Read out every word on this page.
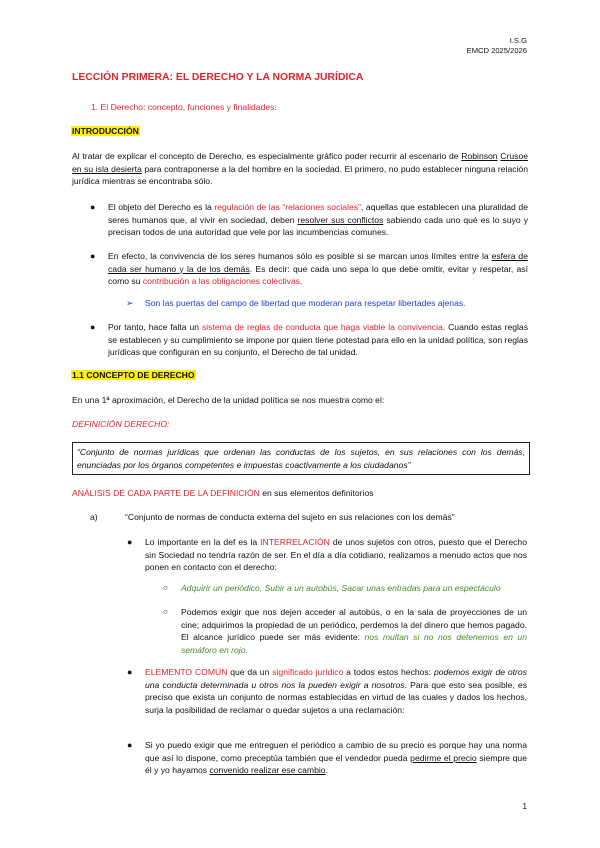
I.S.G
EMCD 2025/2026
LECCIÓN PRIMERA: EL DERECHO Y LA NORMA JURÍDICA
1. El Derecho: concepto, funciones y finalidades:
INTRODUCCIÓN
Al tratar de explicar el concepto de Derecho, es especialmente gráfico poder recurrir al escenario de Robinson Crusoe en su isla desierta para contraponerse a la del hombre en la sociedad. El primero, no pudo establecer ninguna relación jurídica mientras se encontraba sólo.
● El objeto del Derecho es la regulación de las “relaciones sociales”, aquellas que establecen una pluralidad de seres humanos que, al vivir en sociedad, deben resolver sus conflictos sabiendo cada uno qué es lo suyo y precisan todos de una autoridad que vele por las incumbencias comunes.
● En efecto, la convivencia de los seres humanos sólo es posible si se marcan unos límites entre la esfera de cada ser humano y la de los demás. Es decir: que cada uno sepa lo que debe omitir, evitar y respetar, así como su contribución a las obligaciones colectivas.
➢ Son las puertas del campo de libertad que moderan para respetar libertades ajenas.
● Por tanto, hace falta un sistema de reglas de conducta que haga viable la convivencia. Cuando estas reglas se establecen y su cumplimiento se impone por quien tiene potestad para ello en la unidad política, son reglas jurídicas que configuran en su conjunto, el Derecho de tal unidad.
1.1 CONCEPTO DE DERECHO
En una 1ª aproximación, el Derecho de la unidad política se nos muestra como el:
DEFINICIÓN DERECHO:
“Conjunto de normas jurídicas que ordenan las conductas de los sujetos, en sus relaciones con los demás, enunciadas por los órganos competentes e impuestas coactivamente a los ciudadanos”
ANÁLISIS DE CADA PARTE DE LA DEFINICIÓN en sus elementos definitorios
a)	“Conjunto de normas de conducta externa del sujeto en sus relaciones con los demás”
● Lo importante en la def es la INTERRELACIÓN de unos sujetos con otros, puesto que el Derecho sin Sociedad no tendría razón de ser. En el día a día cotidiano, realizamos a menudo actos que nos ponen en contacto con el derecho:
○ Adquirir un periódico, Subir a un autobús, Sacar unas entradas para un espectáculo
○ Podemos exigir que nos dejen acceder al autobús, o en la sala de proyecciones de un cine; adquirimos la propiedad de un periódico, perdemos la del dinero que hemos pagado. El alcance jurídico puede ser más evidente: nos multan si no nos detenemos en un semáforo en rojo.
● ELEMENTO COMÚN que da un significado jurídico a todos estos hechos: podemos exigir de otros una conducta determinada u otros nos la pueden exigir a nosotros. Para que esto sea posible, es preciso que exista un conjunto de normas establecidas en virtud de las cuales y dados los hechos, surja la posibilidad de reclamar o quedar sujetos a una reclamación:
● Si yo puedo exigir que me entreguen el periódico a cambio de su precio es porque hay una norma que así lo dispone, como preceptúa también que el vendedor pueda pedirme el precio siempre que él y yo hayamos convenido realizar ese cambio.
1
